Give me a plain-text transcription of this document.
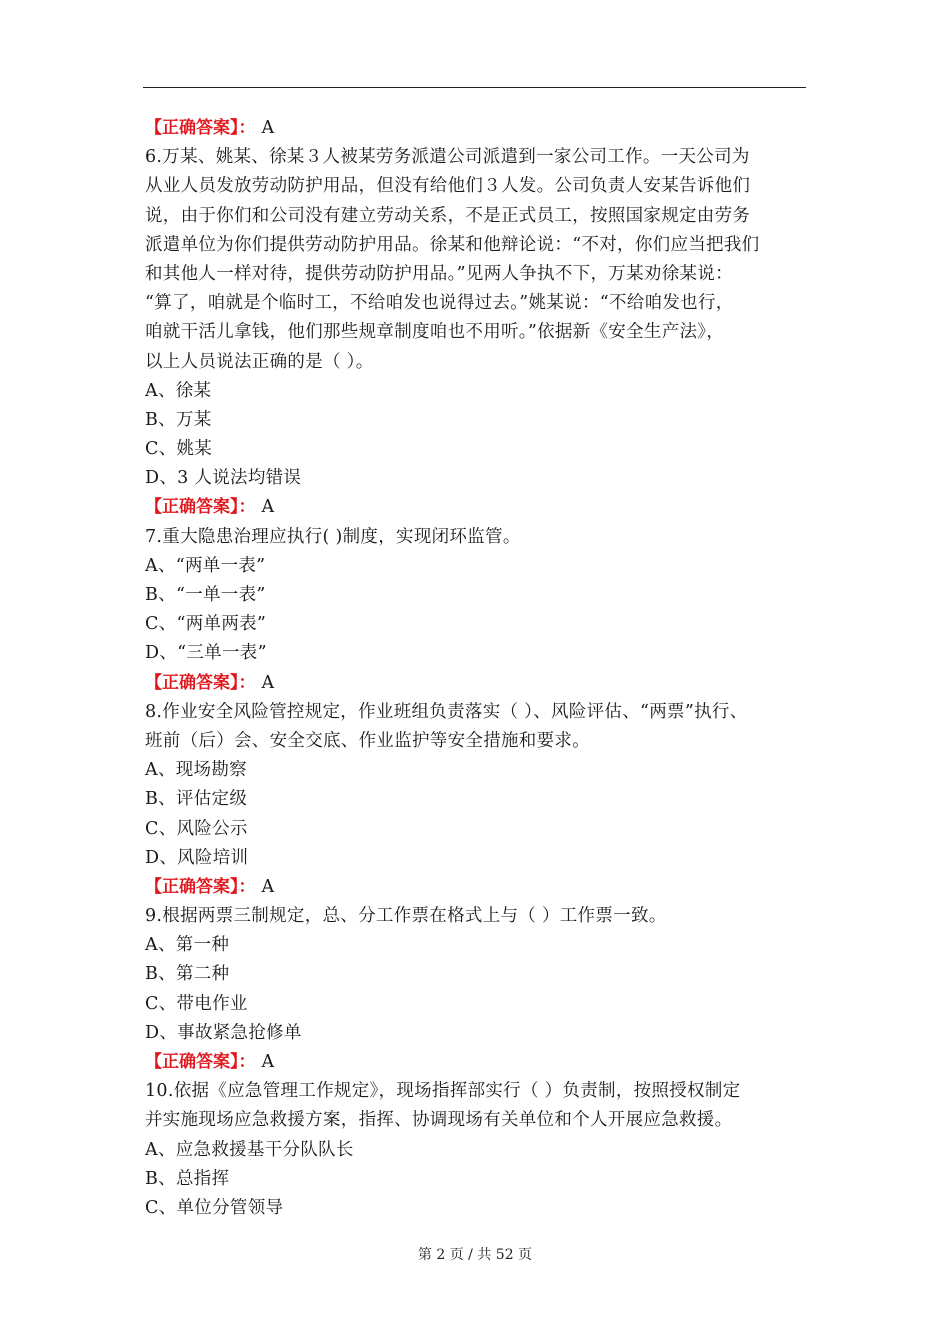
【正确答案】： A
6.万某、姚某、徐某３人被某劳务派遣公司派遣到一家公司工作。一天公司为
从业人员发放劳动防护用品，但没有给他们３人发。公司负责人安某告诉他们
说，由于你们和公司没有建立劳动关系，不是正式员工，按照国家规定由劳务
派遣单位为你们提供劳动防护用品。徐某和他辩论说：“不对，你们应当把我们
和其他人一样对待，提供劳动防护用品。”见两人争执不下，万某劝徐某说：
“算了，咱就是个临时工，不给咱发也说得过去。”姚某说：“不给咱发也行，
咱就干活儿拿钱，他们那些规章制度咱也不用听。”依据新《安全生产法》，
以上人员说法正确的是（ ）。
A、徐某
B、万某
C、姚某
D、3 人说法均错误
【正确答案】： A
7.重大隐患治理应执行( )制度，实现闭环监管。
A、“两单一表”
B、“一单一表”
C、“两单两表”
D、“三单一表”
【正确答案】： A
8.作业安全风险管控规定，作业班组负责落实（ ）、风险评估、“两票”执行、
班前（后）会、安全交底、作业监护等安全措施和要求。
A、现场勘察
B、评估定级
C、风险公示
D、风险培训
【正确答案】： A
9.根据两票三制规定，总、分工作票在格式上与（ ）工作票一致。
A、第一种
B、第二种
C、带电作业
D、事故紧急抢修单
【正确答案】： A
10.依据《应急管理工作规定》，现场指挥部实行（ ）负责制，按照授权制定
并实施现场应急救援方案，指挥、协调现场有关单位和个人开展应急救援。
A、应急救援基干分队队长
B、总指挥
C、单位分管领导
第 2 页 / 共 52 页
